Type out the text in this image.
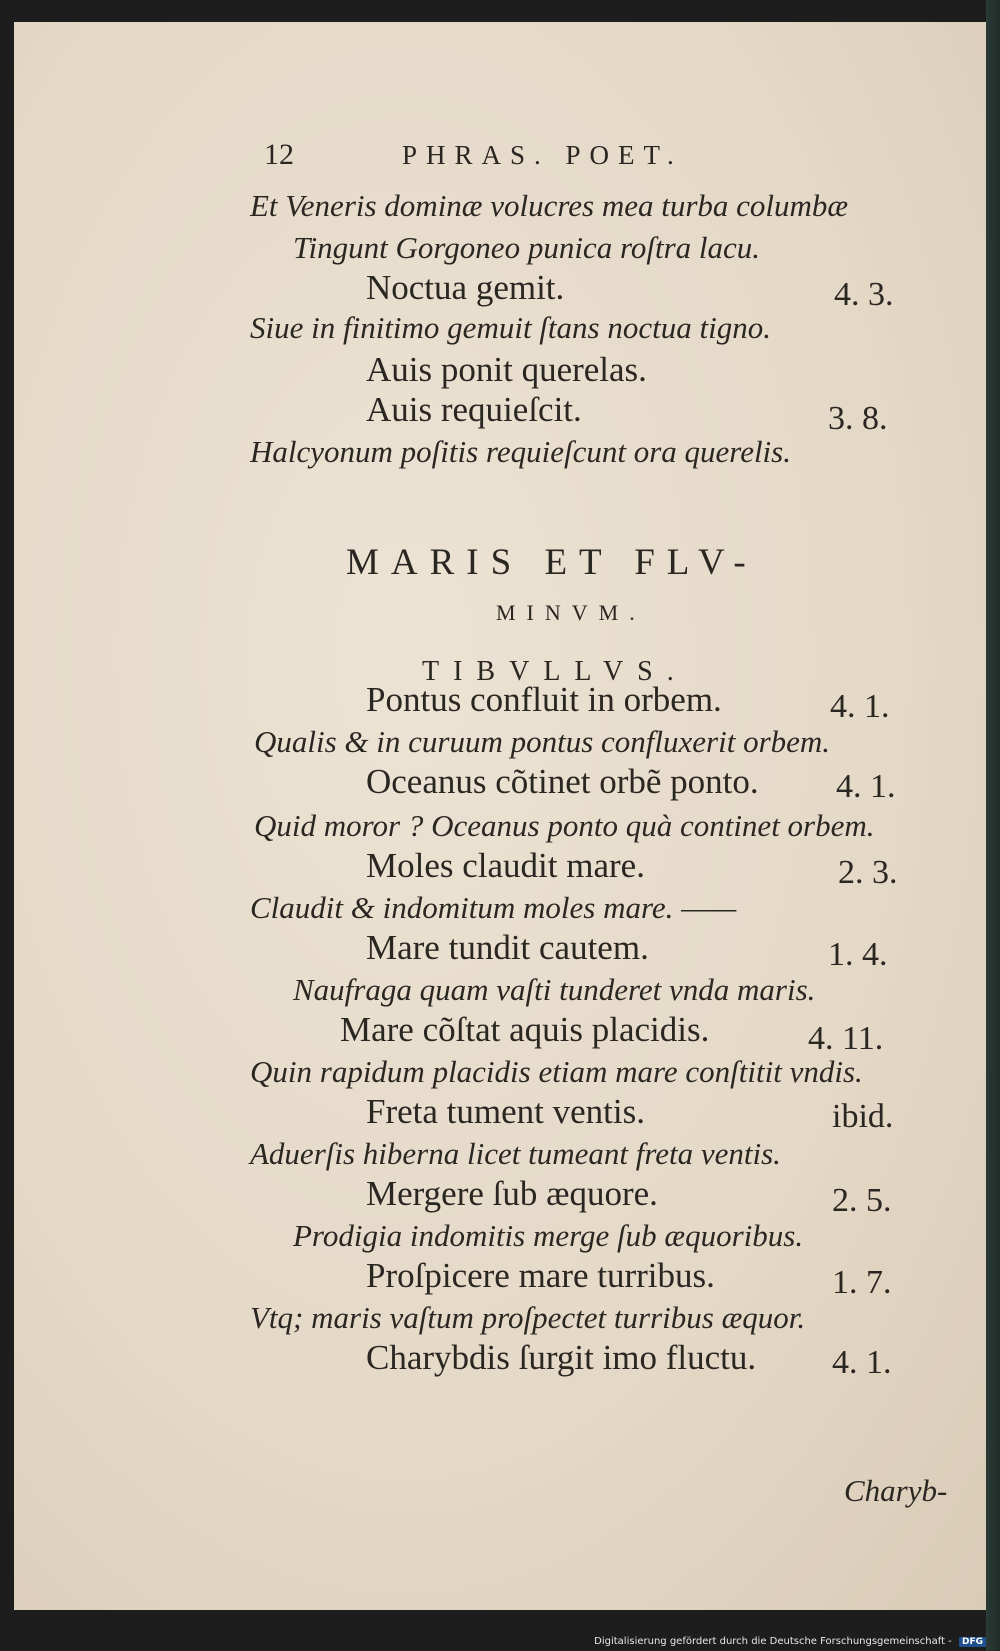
12	PHRAS. POET.
Et Veneris dominæ volucres mea turba columbæ
Tingunt Gorgoneo punica roſtra lacu.
Noctua gemit.	4. 3.
Siue in finitimo gemuit ſtans noctua tigno.
Auis ponit querelas.
Auis requieſcit.	3. 8.
Halcyonum poſitis requieſcunt ora querelis.
MARIS ET FLV-
MINVM.
TIBVLLVS.
Pontus confluit in orbem.	4. 1.
Qualis & in curuum pontus confluxerit orbem.
Oceanus cõtinet orbẽ ponto. 4. 1.
Quid moror ? Oceanus ponto quà continet orbem.
Moles claudit mare.	2. 3.
Claudit & indomitum moles mare. ——
Mare tundit cautem.	1. 4.
Naufraga quam vaſti tunderet vnda maris.
Mare cõſtat aquis placidis.	4. 11.
Quin rapidum placidis etiam mare conſtitit vndis.
Freta tument ventis.	ibid.
Aduerſis hiberna licet tumeant freta ventis.
Mergere ſub æquore.	2. 5.
Prodigia indomitis merge ſub æquoribus.
Proſpicere mare turribus.	1. 7.
Vtq; maris vaſtum proſpectet turribus æquor.
Charybdis ſurgit imo fluctu. 4. 1.
Charyb-
Digitalisierung gefördert durch die Deutsche Forschungsgemeinschaft - DFG
